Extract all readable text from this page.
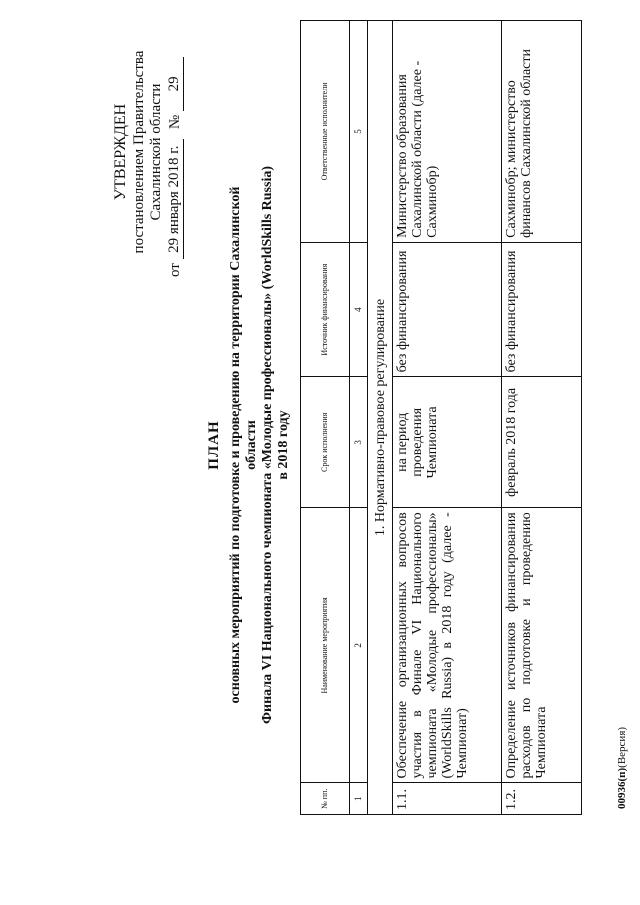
УТВЕРЖДЕН постановлением Правительства Сахалинской области
от
29 января 2018 г.
№
29
ПЛАН основных мероприятий по подготовке и проведению на территории Сахалинской области Финала VI Национального чемпионата «Молодые профессионалы» (WorldSkills Russia) в 2018 году
№ пп.	Наименование мероприятия	Срок исполнения	Источник финансирования	Ответственные исполнители
1	2	3	4	5
1. Нормативно-правовое регулирование				
1.1.	Обеспечение организационных вопросов участия в Финале VI Национального чемпионата «Молодые профессионалы» (WorldSkills Russia) в 2018 году (далее - Чемпионат)	на период проведения Чемпионата	без финансирования	Министерство образования Сахалинской области (далее - Сахминобр)
1.2.	Определение источников финансирования расходов по подготовке и проведению Чемпионата	февраль 2018 года	без финансирования	Сахминобр; министерство финансов Сахалинской области
00936(п)(Версия)
